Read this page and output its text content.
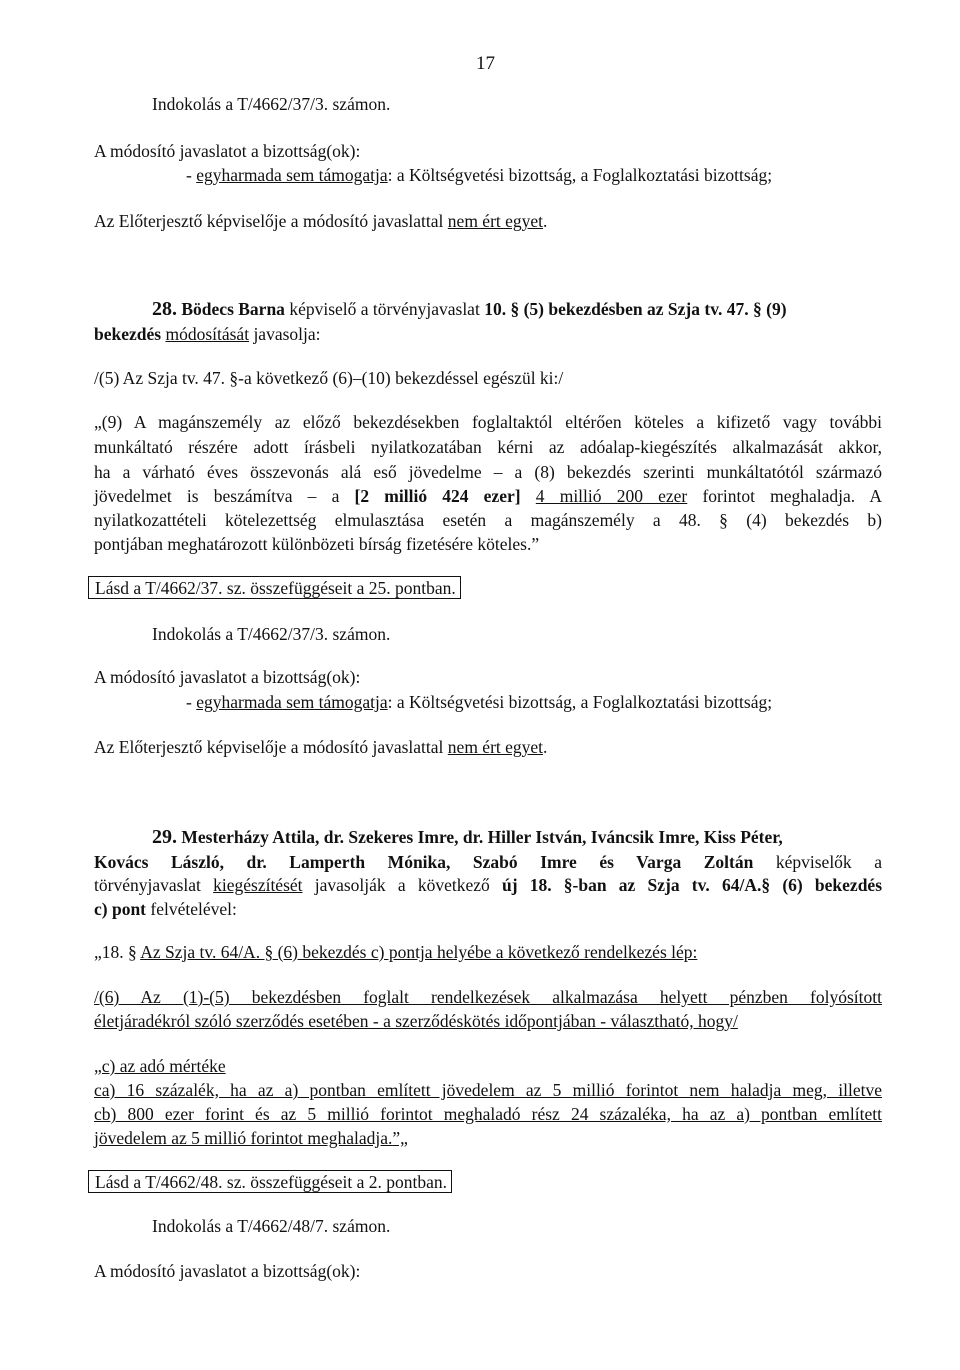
17
Indokolás a T/4662/37/3. számon.
A módosító javaslatot a bizottság(ok):
- egyharmada sem támogatja: a Költségvetési bizottság, a Foglalkoztatási bizottság;
Az Előterjesztő képviselője a módosító javaslattal nem ért egyet.
28. Bödecs Barna képviselő a törvényjavaslat 10. § (5) bekezdésben az Szja tv. 47. § (9)
bekezdés módosítását javasolja:
/(5) Az Szja tv. 47. §-a következő (6)–(10) bekezdéssel egészül ki:/
„(9) A magánszemély az előző bekezdésekben foglaltaktól eltérően köteles a kifizető vagy további
munkáltató részére adott írásbeli nyilatkozatában kérni az adóalap-kiegészítés alkalmazását akkor,
ha a várható éves összevonás alá eső jövedelme – a (8) bekezdés szerinti munkáltatótól származó
jövedelmet is beszámítva – a [2 millió 424 ezer] 4 millió 200 ezer forintot meghaladja. A
nyilatkozattételi kötelezettség elmulasztása esetén a magánszemély a 48. § (4) bekezdés b)
pontjában meghatározott különbözeti bírság fizetésére köteles.”
Lásd a T/4662/37. sz. összefüggéseit a 25. pontban.
Indokolás a T/4662/37/3. számon.
A módosító javaslatot a bizottság(ok):
- egyharmada sem támogatja: a Költségvetési bizottság, a Foglalkoztatási bizottság;
Az Előterjesztő képviselője a módosító javaslattal nem ért egyet.
29. Mesterházy Attila, dr. Szekeres Imre, dr. Hiller István, Iváncsik Imre, Kiss Péter,
Kovács László, dr. Lamperth Mónika, Szabó Imre és Varga Zoltán képviselők a
törvényjavaslat kiegészítését javasolják a következő új 18. §-ban az Szja tv. 64/A.§ (6) bekezdés
c) pont felvételével:
„18. § Az Szja tv. 64/A. § (6) bekezdés c) pontja helyébe a következő rendelkezés lép:
/(6) Az (1)-(5) bekezdésben foglalt rendelkezések alkalmazása helyett pénzben folyósított
életjáradékról szóló szerződés esetében - a szerződéskötés időpontjában - választható, hogy/
„c) az adó mértéke
ca) 16 százalék, ha az a) pontban említett jövedelem az 5 millió forintot nem haladja meg, illetve
cb) 800 ezer forint és az 5 millió forintot meghaladó rész 24 százaléka, ha az a) pontban említett
jövedelem az 5 millió forintot meghaladja.”„
Lásd a T/4662/48. sz. összefüggéseit a 2. pontban.
Indokolás a T/4662/48/7. számon.
A módosító javaslatot a bizottság(ok):
